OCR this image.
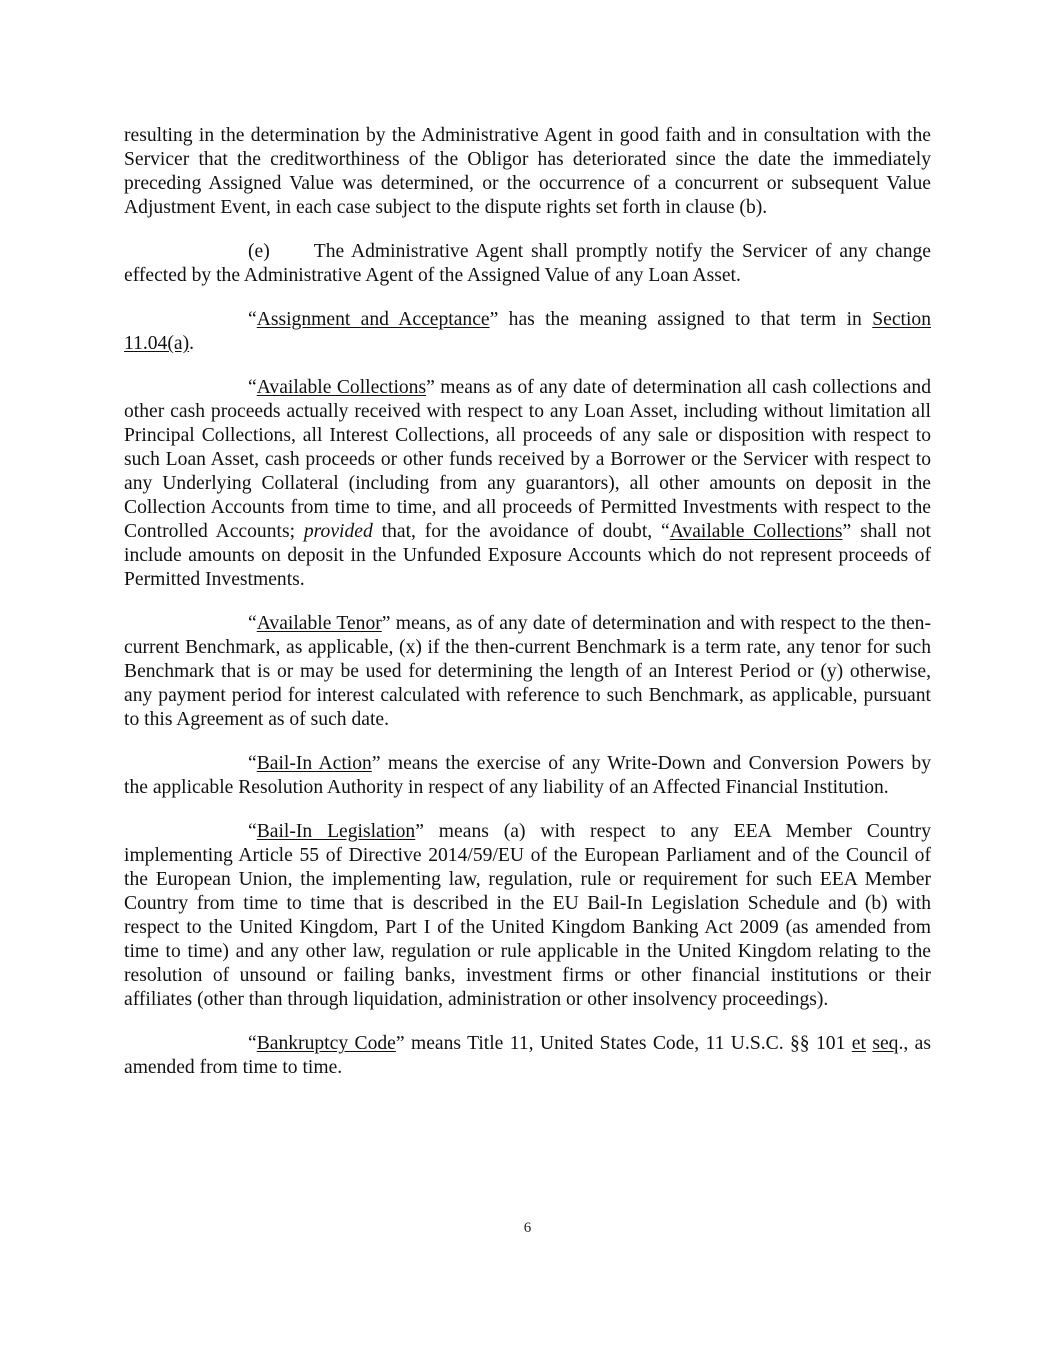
resulting in the determination by the Administrative Agent in good faith and in consultation with the Servicer that the creditworthiness of the Obligor has deteriorated since the date the immediately preceding Assigned Value was determined, or the occurrence of a concurrent or subsequent Value Adjustment Event, in each case subject to the dispute rights set forth in clause (b).

(e) The Administrative Agent shall promptly notify the Servicer of any change effected by the Administrative Agent of the Assigned Value of any Loan Asset.

“Assignment and Acceptance” has the meaning assigned to that term in Section 11.04(a).

“Available Collections” means as of any date of determination all cash collections and other cash proceeds actually received with respect to any Loan Asset, including without limitation all Principal Collections, all Interest Collections, all proceeds of any sale or disposition with respect to such Loan Asset, cash proceeds or other funds received by a Borrower or the Servicer with respect to any Underlying Collateral (including from any guarantors), all other amounts on deposit in the Collection Accounts from time to time, and all proceeds of Permitted Investments with respect to the Controlled Accounts; provided that, for the avoidance of doubt, “Available Collections” shall not include amounts on deposit in the Unfunded Exposure Accounts which do not represent proceeds of Permitted Investments.

“Available Tenor” means, as of any date of determination and with respect to the then-current Benchmark, as applicable, (x) if the then-current Benchmark is a term rate, any tenor for such Benchmark that is or may be used for determining the length of an Interest Period or (y) otherwise, any payment period for interest calculated with reference to such Benchmark, as applicable, pursuant to this Agreement as of such date.

“Bail-In Action” means the exercise of any Write-Down and Conversion Powers by the applicable Resolution Authority in respect of any liability of an Affected Financial Institution.

“Bail-In Legislation” means (a) with respect to any EEA Member Country implementing Article 55 of Directive 2014/59/EU of the European Parliament and of the Council of the European Union, the implementing law, regulation, rule or requirement for such EEA Member Country from time to time that is described in the EU Bail-In Legislation Schedule and (b) with respect to the United Kingdom, Part I of the United Kingdom Banking Act 2009 (as amended from time to time) and any other law, regulation or rule applicable in the United Kingdom relating to the resolution of unsound or failing banks, investment firms or other financial institutions or their affiliates (other than through liquidation, administration or other insolvency proceedings).

“Bankruptcy Code” means Title 11, United States Code, 11 U.S.C. §§ 101 et seq., as amended from time to time.

6
